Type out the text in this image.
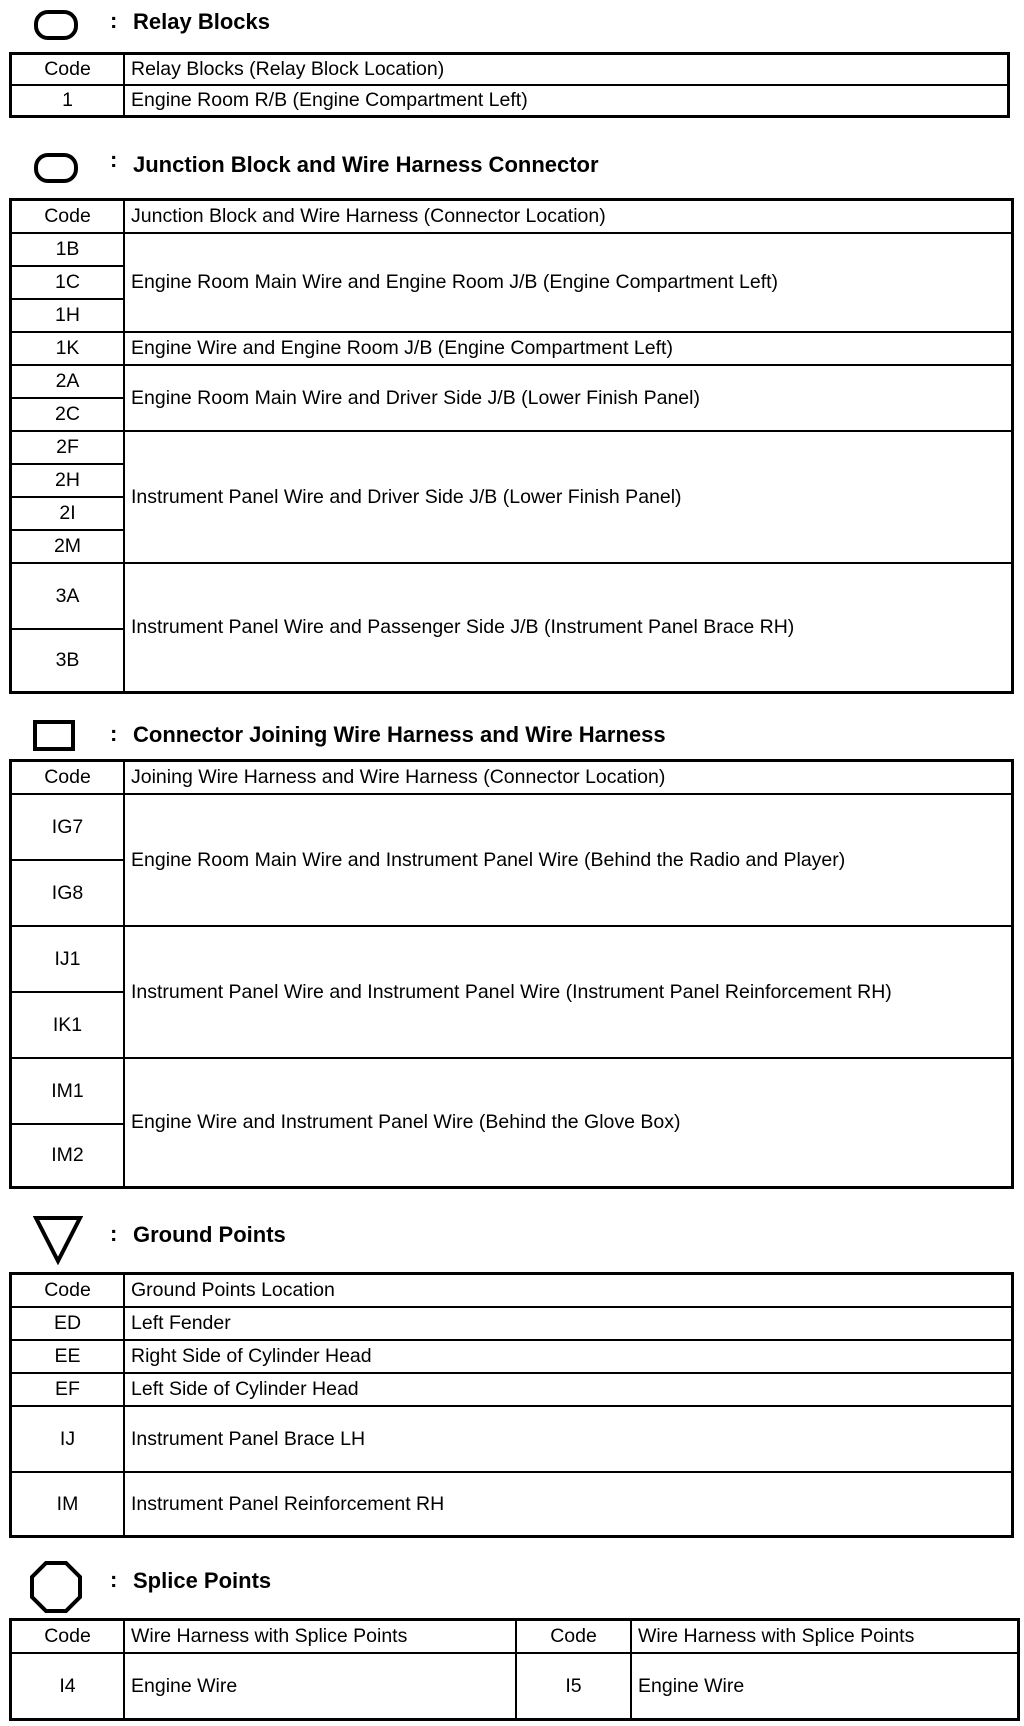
: Relay Blocks
Code	Relay Blocks (Relay Block Location)
1	Engine Room R/B (Engine Compartment Left)
: Junction Block and Wire Harness Connector
Code	Junction Block and Wire Harness (Connector Location)
1B	Engine Room Main Wire and Engine Room J/B (Engine Compartment Left)
1C	
1H	
1K	Engine Wire and Engine Room J/B (Engine Compartment Left)
2A	Engine Room Main Wire and Driver Side J/B (Lower Finish Panel)
2C	
2F	Instrument Panel Wire and Driver Side J/B (Lower Finish Panel)
2H	
2I	
2M	
3A	Instrument Panel Wire and Passenger Side J/B (Instrument Panel Brace RH)
3B	
: Connector Joining Wire Harness and Wire Harness
Code	Joining Wire Harness and Wire Harness (Connector Location)
IG7	Engine Room Main Wire and Instrument Panel Wire (Behind the Radio and Player)
IG8	
IJ1	Instrument Panel Wire and Instrument Panel Wire (Instrument Panel Reinforcement RH)
IK1	
IM1	Engine Wire and Instrument Panel Wire (Behind the Glove Box)
IM2	
: Ground Points
Code	Ground Points Location
ED	Left Fender
EE	Right Side of Cylinder Head
EF	Left Side of Cylinder Head
IJ	Instrument Panel Brace LH
IM	Instrument Panel Reinforcement RH
: Splice Points
Code	Wire Harness with Splice Points	Code	Wire Harness with Splice Points
I4	Engine Wire	I5	Engine Wire
